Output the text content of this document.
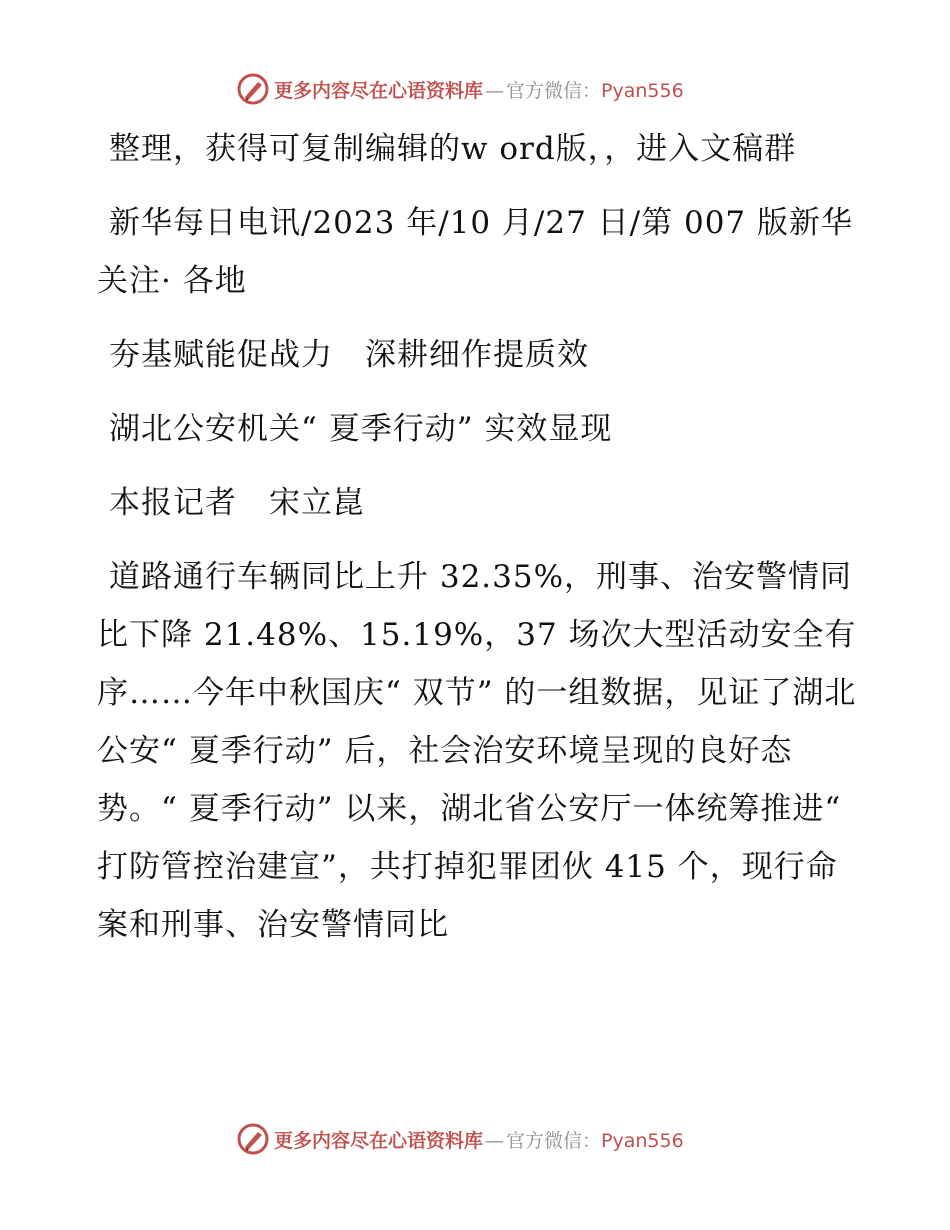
更多内容尽在心语资料库 — 官方微信：Pyan556

整理，获得可复制编辑的w ord版，，进入文稿群

新华每日电讯/2023 年/10 月/27 日/第 007 版新华关注· 各地

夯基赋能促战力　深耕细作提质效

湖北公安机关“ 夏季行动” 实效显现

本报记者　宋立崑

道路通行车辆同比上升 32.35%，刑事、治安警情同比下降 21.48%、15.19%，37 场次大型活动安全有序……今年中秋国庆“ 双节” 的一组数据，见证了湖北公安“ 夏季行动” 后，社会治安环境呈现的良好态势。“ 夏季行动” 以来，湖北省公安厅一体统筹推进“ 打防管控治建宣”，共打掉犯罪团伙 415 个，现行命案和刑事、治安警情同比

更多内容尽在心语资料库 — 官方微信：Pyan556
